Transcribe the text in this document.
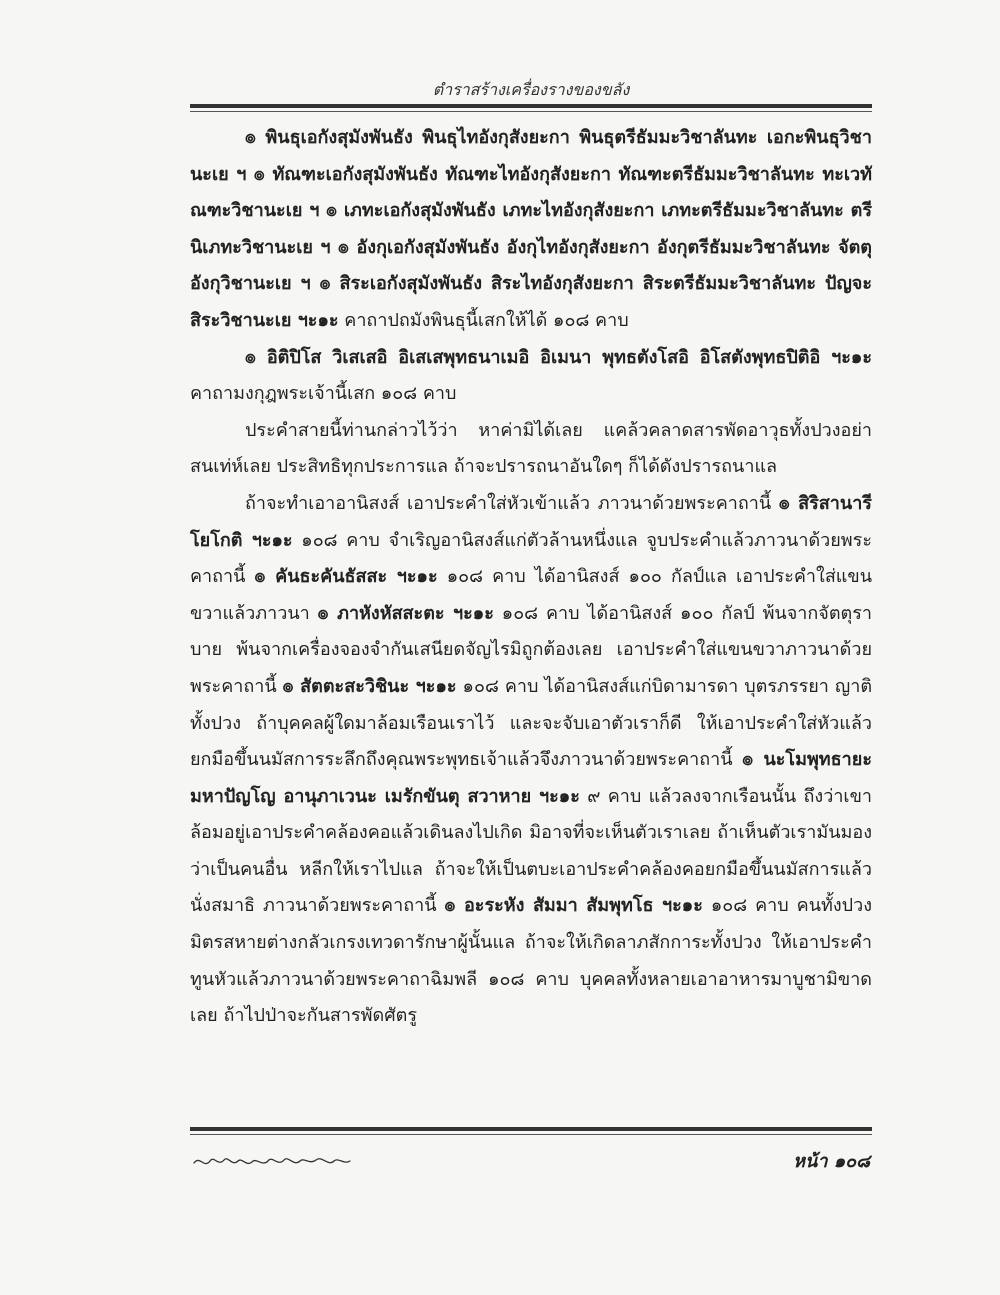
ตำราสร้างเครื่องรางของขลัง

๏ พินธุเอกังสุมังพันธัง พินธุไทอังกุสังยะกา พินธุตรีธัมมะวิชาลันทะ เอกะพินธุวิชานะเย ฯ ๏ ทัณฑะเอกังสุมังพันธัง ทัณฑะไทอังกุสังยะกา ทัณฑะตรีธัมมะวิชาลันทะ ทะเวทัณฑะวิชานะเย ฯ ๏ เภทะเอกังสุมังพันธัง เภทะไทอังกุสังยะกา เภทะตรีธัมมะวิชาลันทะ ตรีนิเภทะวิชานะเย ฯ ๏ อังกุเอกังสุมังพันธัง อังกุไทอังกุสังยะกา อังกุตรีธัมมะวิชาลันทะ จัตตุอังกุวิชานะเย ฯ ๏ สิระเอกังสุมังพันธัง สิระไทอังกุสังยะกา สิระตรีธัมมะวิชาลันทะ ปัญจะสิระวิชานะเย ฯะ๑ะ คาถาปถมังพินธุนี้เสกให้ได้ ๑๐๘ คาบ

๏ อิติปิโส วิเสเสอิ อิเสเสพุทธนาเมอิ อิเมนา พุทธตังโสอิ อิโสตังพุทธปิติอิ ฯะ๑ะ คาถามงกุฎพระเจ้านี้เสก ๑๐๘ คาบ

ประคำสายนี้ท่านกล่าวไว้ว่า หาค่ามิได้เลย แคล้วคลาดสารพัดอาวุธทั้งปวงอย่าสนเท่ห์เลย ประสิทธิทุกประการแล ถ้าจะปรารถนาอันใดๆ ก็ได้ดังปรารถนาแล

ถ้าจะทำเอาอานิสงส์ เอาประคำใส่หัวเข้าแล้ว ภาวนาด้วยพระคาถานี้ ๏ สิริสานารีโยโกติ ฯะ๑ะ ๑๐๘ คาบ จำเริญอานิสงส์แก่ตัวล้านหนึ่งแล จูบประคำแล้วภาวนาด้วยพระคาถานี้ ๏ คันธะคันธัสสะ ฯะ๑ะ ๑๐๘ คาบ ได้อานิสงส์ ๑๐๐ กัลป์แล เอาประคำใส่แขนขวาแล้วภาวนา ๏ ภาหังหัสสะตะ ฯะ๑ะ ๑๐๘ คาบ ได้อานิสงส์ ๑๐๐ กัลป์ พ้นจากจัตตุราบาย พ้นจากเครื่องจองจำกันเสนียดจัญไรมิถูกต้องเลย เอาประคำใส่แขนขวาภาวนาด้วยพระคาถานี้ ๏ สัตตะสะวิชินะ ฯะ๑ะ ๑๐๘ คาบ ได้อานิสงส์แก่บิดามารดา บุตรภรรยา ญาติทั้งปวง ถ้าบุคคลผู้ใดมาล้อมเรือนเราไว้ และจะจับเอาตัวเราก็ดี ให้เอาประคำใส่หัวแล้วยกมือขึ้นนมัสการระลึกถึงคุณพระพุทธเจ้าแล้วจึงภาวนาด้วยพระคาถานี้ ๏ นะโมพุทธายะ มหาปัญโญ อานุภาเวนะ เมรักขันตุ สวาหาย ฯะ๑ะ ๙ คาบ แล้วลงจากเรือนนั้น ถึงว่าเขาล้อมอยู่เอาประคำคล้องคอแล้วเดินลงไปเกิด มิอาจที่จะเห็นตัวเราเลย ถ้าเห็นตัวเรามันมองว่าเป็นคนอื่น หลีกให้เราไปแล ถ้าจะให้เป็นตบะเอาประคำคล้องคอยกมือขึ้นนมัสการแล้วนั่งสมาธิ ภาวนาด้วยพระคาถานี้ ๏ อะระหัง สัมมา สัมพุทโธ ฯะ๑ะ ๑๐๘ คาบ คนทั้งปวงมิตรสหายต่างกลัวเกรงเทวดารักษาผู้นั้นแล ถ้าจะให้เกิดลาภสักการะทั้งปวง ให้เอาประคำทูนหัวแล้วภาวนาด้วยพระคาถาฉิมพลี ๑๐๘ คาบ บุคคลทั้งหลายเอาอาหารมาบูชามิขาดเลย ถ้าไปป่าจะกันสารพัดศัตรู

หน้า ๑๐๘
